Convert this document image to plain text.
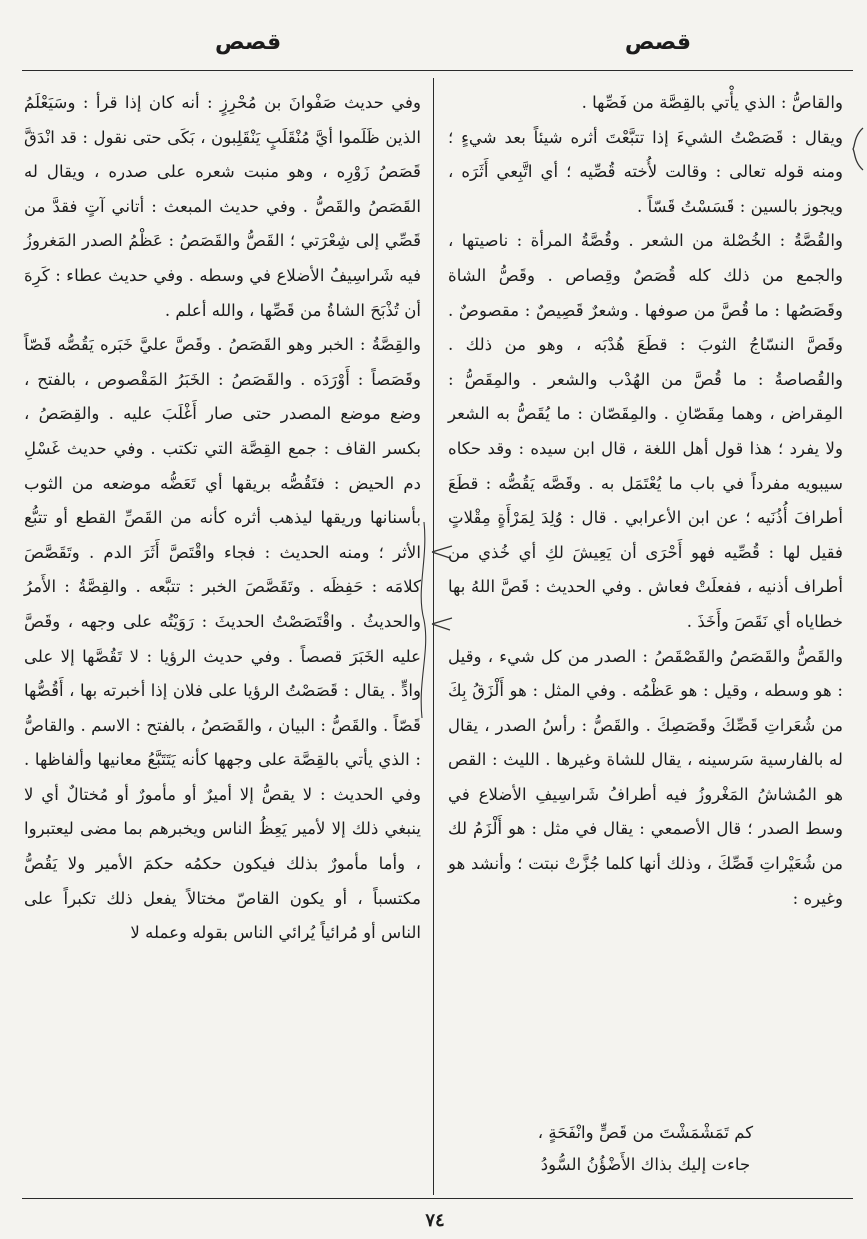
قصص
قصص

والقاصُّ : الذي يأْتي بالقِصَّة من فَصِّها .

ويقال : قَصَصْتُ الشيءَ إذا تتبَّعْتَ أثره شيئاً بعد شيءٍ ؛ ومنه قوله تعالى : وقالت لأُخته قُصِّيه ؛ أي اتَّبِعي أَثَرَه ، ويجوز بالسين : قَسَسْتُ قَسّاً .

والقُصَّةُ : الخُصْلة من الشعر . وقُصَّةُ المرأة : ناصيتها ، والجمع من ذلك كله قُصَصٌ وقِصاص . وقَصُّ الشاة وقَصَصُها : ما قُصَّ من صوفها . وشعرٌ قَصِيصٌ : مقصوصٌ . وقَصَّ النسّاجُ الثوبَ : قطَعَ هُدْبَه ، وهو من ذلك . والقُصاصةُ : ما قُصَّ من الهُدْب والشعر . والمِقَصُّ : المِقراض ، وهما مِقَصّانِ . والمِقَصّان : ما يُقَصُّ به الشعر ولا يفرد ؛ هذا قول أهل اللغة ، قال ابن سيده : وقد حكاه سيبويه مفرداً في باب ما يُعْتَمَل به . وقَصَّه يَقُصُّه : قطَعَ أطرافَ أُذُنَيه ؛ عن ابن الأعرابي . قال : وُلِدَ لِمَرْأَةٍ مِقْلاتٍ فقيل لها : قُصِّيه فهو أَحْرَى أن يَعِيشَ لكِ أي خُذي من أطراف أذنيه ، ففعلَتْ فعاش . وفي الحديث : قَصَّ اللهُ بها خطاياه أي نَقَصَ وأَخَذَ .

والقَصُّ والقَصَصُ والقَصْقَصُ : الصدر من كل شيء ، وقيل : هو وسطه ، وقيل : هو عَظْمُه . وفي المثل : هو أَلْزَقُ بِكَ من شُعَراتِ قَصِّكَ وقَصَصِكَ . والقَصُّ : رأسُ الصدر ، يقال له بالفارسية سَرسينه ، يقال للشاة وغيرها . الليث : القص هو المُشاشُ المَغْروزُ فيه أطرافُ شَراسِيفِ الأضلاع في وسط الصدر ؛ قال الأصمعي : يقال في مثل : هو أَلْزَمُ لك من شُعَيْراتِ قَصِّكَ ، وذلك أنها كلما جُزَّتْ نبتت ؛ وأنشد هو وغيره :

كم تَمَشْمَشْتَ من قَصٍّ وانْفَحَةٍ ،
جاءت إليك بذاك الأَضْؤُنُ السُّودُ

وفي حديث صَفْوانَ بن مُحْرِزٍ : أنه كان إذا قرأ : وسَيَعْلَمُ الذين ظَلَموا أيَّ مُنْقَلَبٍ يَنْقَلِبون ، بَكَى حتى نقول : قد انْدَقَّ قَصَصُ زَوْرِه ، وهو منبت شعره على صدره ، ويقال له القَصَصُ والقَصُّ . وفي حديث المبعث : أتاني آتٍ فقدَّ من قَصِّي إلى شِعْرَتي ؛ القَصُّ والقَصَصُ : عَظْمُ الصدر المَغروزُ فيه شَراسِيفُ الأضلاع في وسطه . وفي حديث عطاء : كَرِهَ أن تُذْبَحَ الشاةُ من قَصِّها ، والله أعلم .

والقِصَّةُ : الخبر وهو القَصَصُ . وقَصَّ عليَّ خَبَره يَقُصُّه قَصّاً وقَصَصاً : أَوْرَدَه . والقَصَصُ : الخَبَرُ المَقْصوص ، بالفتح ، وضع موضع المصدر حتى صار أَغْلَبَ عليه . والقِصَصُ ، بكسر القاف : جمع القِصَّة التي تكتب . وفي حديث غَسْلِ دم الحيض : فتَقُصُّه بريقها أي تَعَضُّه موضعه من الثوب بأسنانها وريقها ليذهب أثره كأنه من القَصِّ القطع أو تتبُّع الأثر ؛ ومنه الحديث : فجاء واقْتَصَّ أَثَرَ الدم . وتَقَصَّصَ كلامَه : حَفِظَه . وتَقَصَّصَ الخبر : تتبَّعه . والقِصَّةُ : الأَمرُ والحديثُ . واقْتَصَصْتُ الحديثَ : رَوَيْتُه على وجهه ، وقَصَّ عليه الخَبَرَ قصصاً . وفي حديث الرؤيا : لا تَقُصَّها إلا على وادٍّ . يقال : قَصَصْتُ الرؤيا على فلان إذا أخبرته بها ، أَقُصُّها قَصّاً . والقَصُّ : البيان ، والقَصَصُ ، بالفتح : الاسم . والقاصُّ : الذي يأتي بالقِصَّة على وجهها كأنه يَتَتَبَّعُ معانيها وألفاظها . وفي الحديث : لا يقصُّ إلا أميرٌ أو مأمورٌ أو مُختالٌ أي لا ينبغي ذلك إلا لأمير يَعِظُ الناس ويخبرهم بما مضى ليعتبروا ، وأما مأمورٌ بذلك فيكون حكمُه حكمَ الأمير ولا يَقُصُّ مكتسباً ، أو يكون القاصّ مختالاً يفعل ذلك تكبراً على الناس أو مُرائياً يُرائي الناس بقوله وعمله لا

٧٤
